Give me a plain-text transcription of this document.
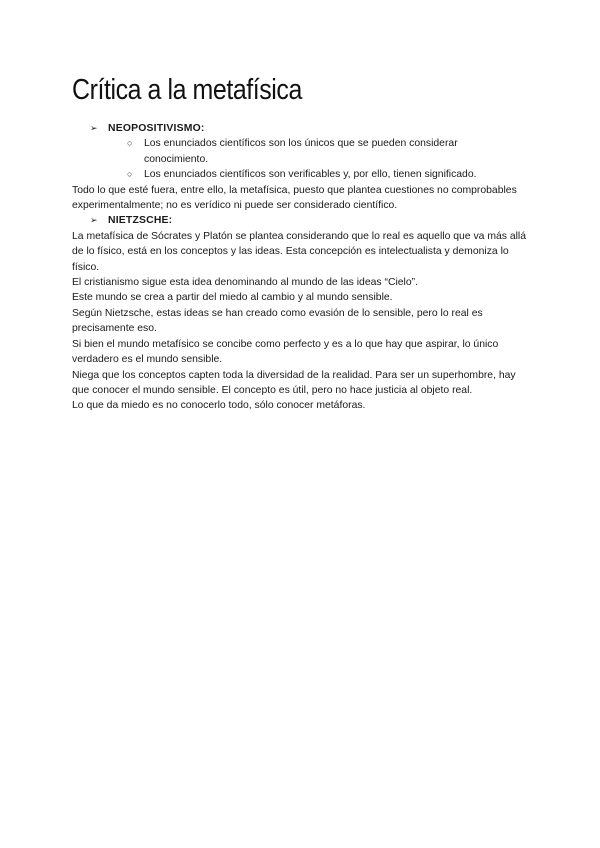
Crítica a la metafísica

➢ NEOPOSITIVISMO:

○ Los enunciados científicos son los únicos que se pueden considerar conocimiento.

○ Los enunciados científicos son verificables y, por ello, tienen significado.

Todo lo que esté fuera, entre ello, la metafísica, puesto que plantea cuestiones no comprobables experimentalmente; no es verídico ni puede ser considerado científico.

➢ NIETZSCHE:

La metafísica de Sócrates y Platón se plantea considerando que lo real es aquello que va más allá de lo físico, está en los conceptos y las ideas. Esta concepción es intelectualista y demoniza lo físico.

El cristianismo sigue esta idea denominando al mundo de las ideas “Cielo”.

Este mundo se crea a partir del miedo al cambio y al mundo sensible.

Según Nietzsche, estas ideas se han creado como evasión de lo sensible, pero lo real es precisamente eso.

Si bien el mundo metafísico se concibe como perfecto y es a lo que hay que aspirar, lo único verdadero es el mundo sensible.

Niega que los conceptos capten toda la diversidad de la realidad. Para ser un superhombre, hay que conocer el mundo sensible. El concepto es útil, pero no hace justicia al objeto real.

Lo que da miedo es no conocerlo todo, sólo conocer metáforas.
